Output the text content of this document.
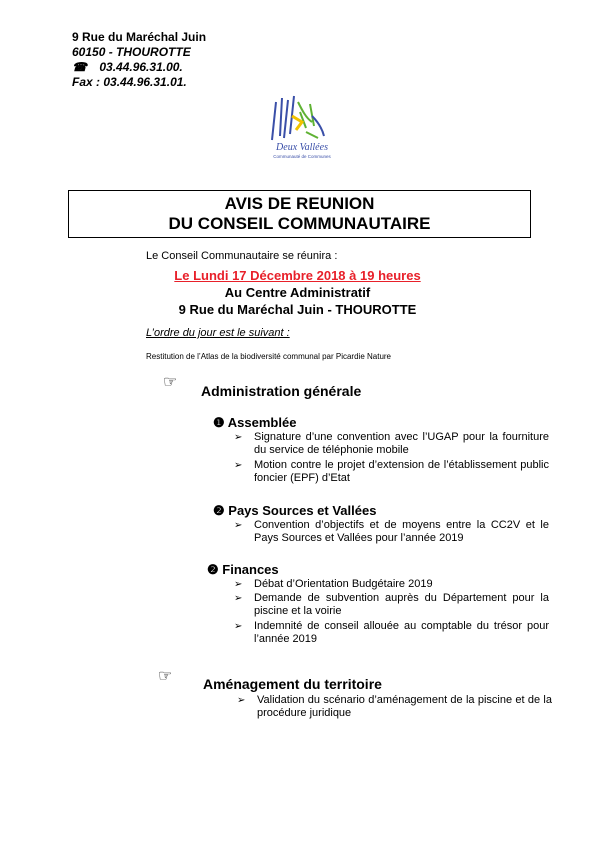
9 Rue du Maréchal Juin
60150 - THOUROTTE
☎ 03.44.96.31.00.
Fax : 03.44.96.31.01.
Deux Vallées
Communauté de Communes
AVIS DE REUNION
DU CONSEIL COMMUNAUTAIRE
Le Conseil Communautaire se réunira :
Le Lundi 17 Décembre 2018 à 19 heures
Au Centre Administratif
9 Rue du Maréchal Juin - THOUROTTE
L’ordre du jour est le suivant :
Restitution de l’Atlas de la biodiversité communal par Picardie Nature
☞ Administration générale
❶ Assemblée
➢ Signature d’une convention avec l’UGAP pour la fourniture du service de téléphonie mobile
➢ Motion contre le projet d’extension de l’établissement public foncier (EPF) d’Etat
❷ Pays Sources et Vallées
➢ Convention d’objectifs et de moyens entre la CC2V et le Pays Sources et Vallées pour l’année 2019
❷ Finances
➢ Débat d’Orientation Budgétaire 2019
➢ Demande de subvention auprès du Département pour la piscine et la voirie
➢ Indemnité de conseil allouée au comptable du trésor pour l’année 2019
☞ Aménagement du territoire
➢ Validation du scénario d’aménagement de la piscine et de la procédure juridique
